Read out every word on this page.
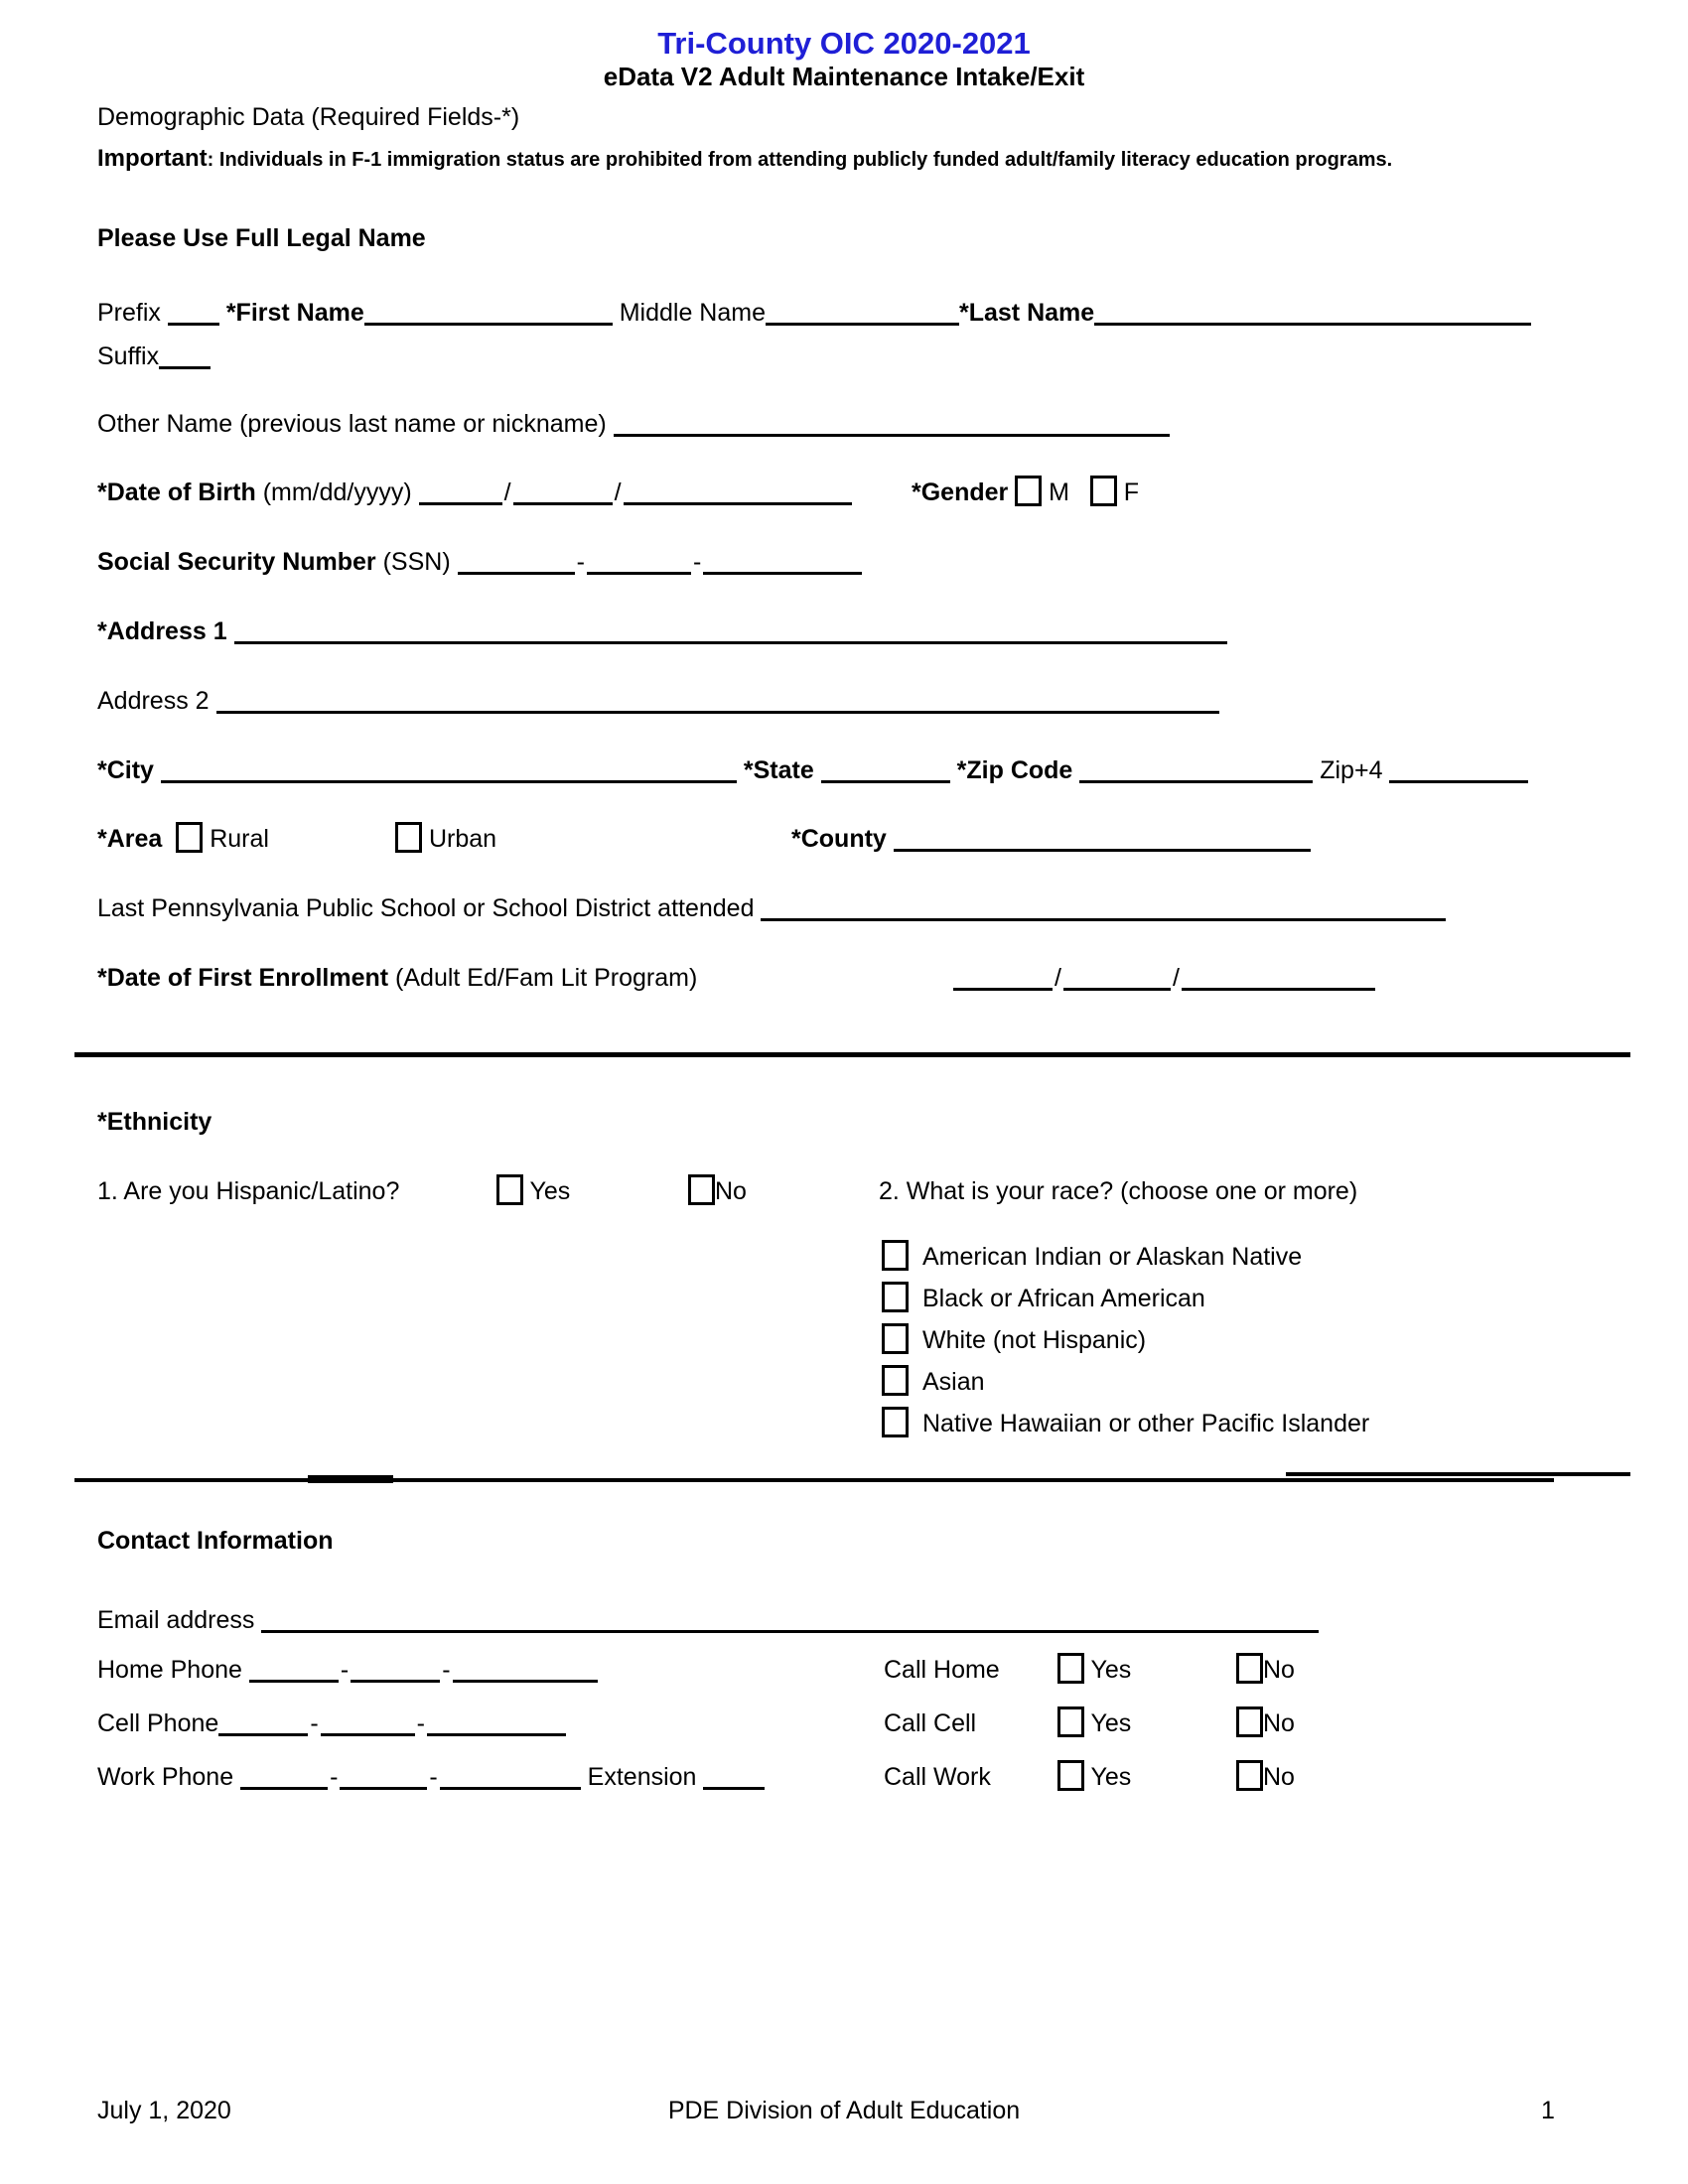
Tri-County OIC 2020-2021
eData V2 Adult Maintenance Intake/Exit
Demographic Data (Required Fields-*)
Important: Individuals in F-1 immigration status are prohibited from attending publicly funded adult/family literacy education programs.
Please Use Full Legal Name
Prefix	*First Name	Middle Name	*Last Name
Suffix
Other Name (previous last name or nickname)
*Date of Birth (mm/dd/yyyy)	/	/	*Gender M F
Social Security Number (SSN)	-	-
*Address 1
Address 2
*City	*State	*Zip Code	Zip+4
*Area Rural	Urban	*County
Last Pennsylvania Public School or School District attended
*Date of First Enrollment (Adult Ed/Fam Lit Program)	/	/
*Ethnicity
1. Are you Hispanic/Latino?	Yes	No	2. What is your race? (choose one or more)
American Indian or Alaskan Native
Black or African American
White (not Hispanic)
Asian
Native Hawaiian or other Pacific Islander
Contact Information
Email address
Home Phone	-	-	Call Home	Yes	No
Cell Phone	-	-	Call Cell	Yes	No
Work Phone	-	-	Extension	Call Work	Yes	No
PDE Division of Adult Education
July 1, 2020	1
